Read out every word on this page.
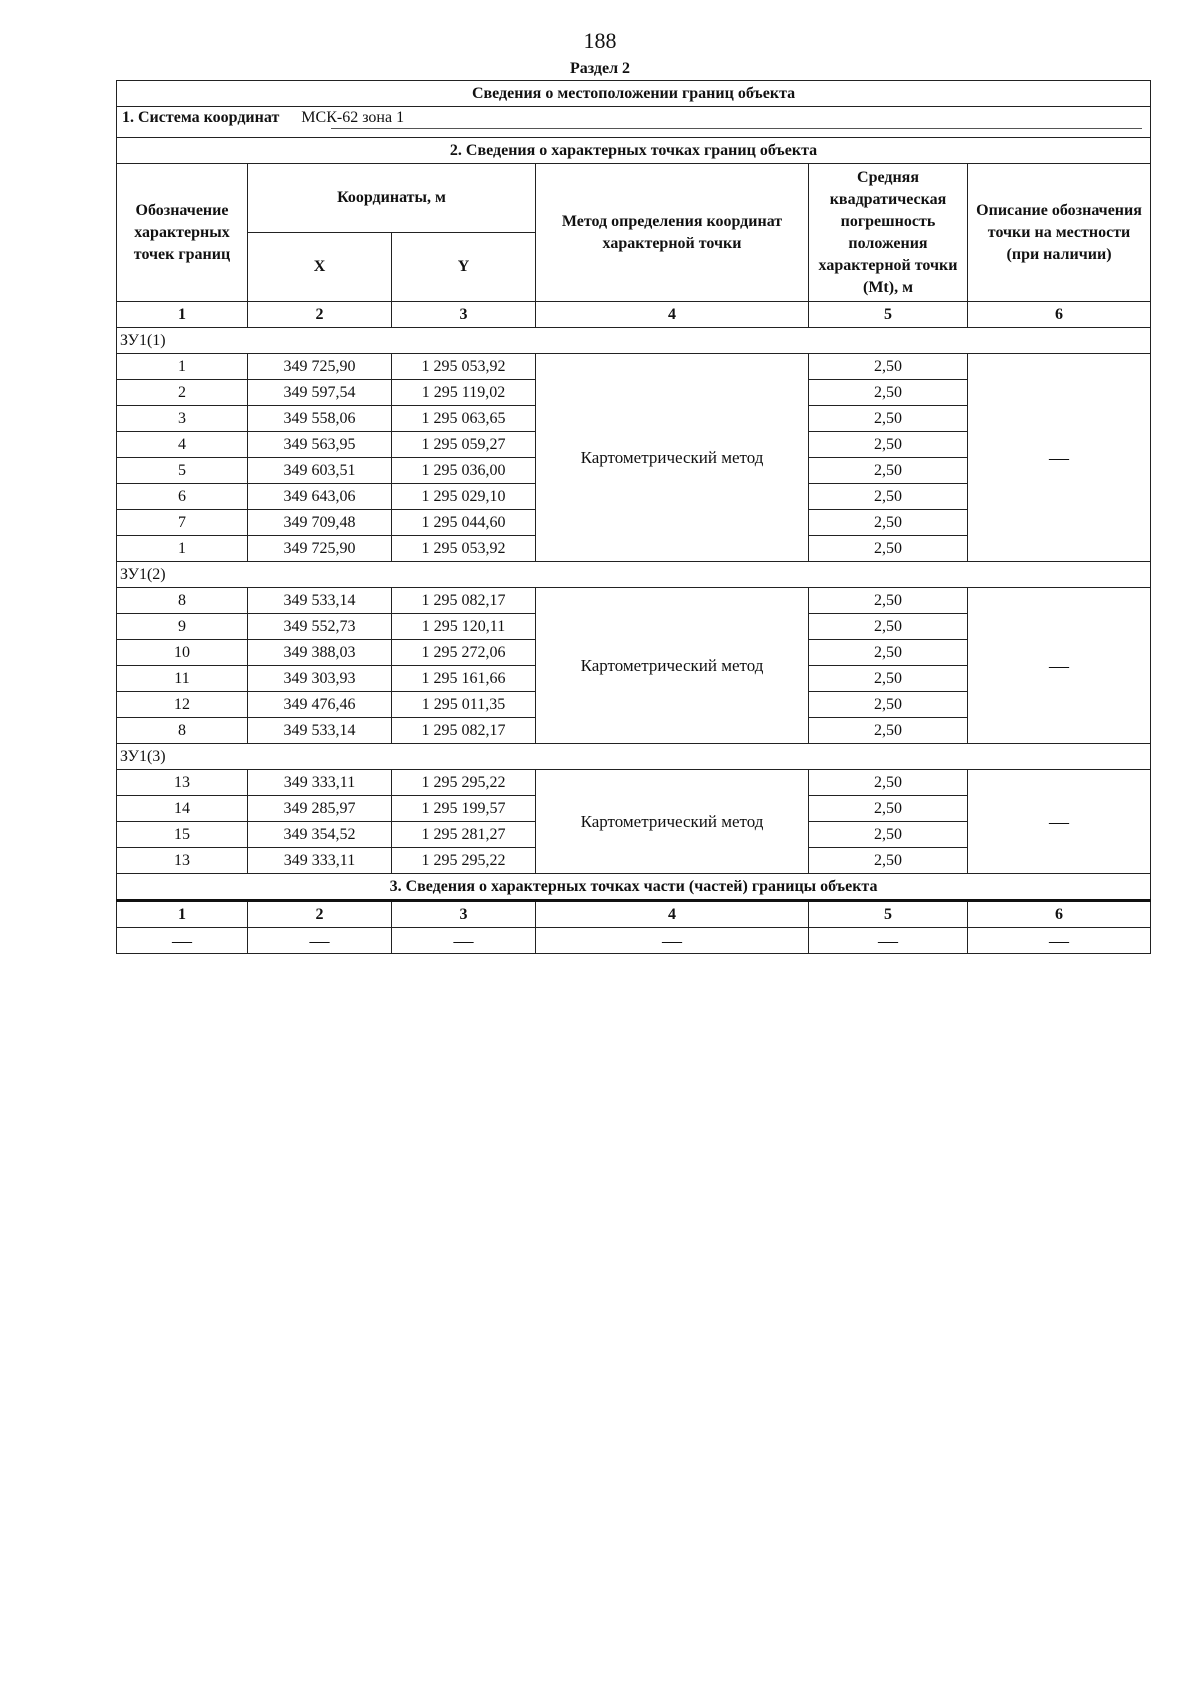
188
Раздел 2
Сведения о местоположении границ объекта					

1. Система координат МСК-62 зона 1					

2. Сведения о характерных точках границ объекта					
Обозначение характерных точек границ	Координаты, м		Метод определения координат характерной точки	Средняя квадратическая погрешность положения характерной точки (Mt), м	Описание обозначения точки на местности (при наличии)
	X	Y			
1	2	3	4	5	6
ЗУ1(1)					
1	349 725,90	1 295 053,92	Картометрический метод	2,50	—
2	349 597,54	1 295 119,02		2,50	
3	349 558,06	1 295 063,65		2,50	
4	349 563,95	1 295 059,27		2,50	
5	349 603,51	1 295 036,00		2,50	
6	349 643,06	1 295 029,10		2,50	
7	349 709,48	1 295 044,60		2,50	
1	349 725,90	1 295 053,92		2,50	
ЗУ1(2)					
8	349 533,14	1 295 082,17	Картометрический метод	2,50	—
9	349 552,73	1 295 120,11		2,50	
10	349 388,03	1 295 272,06		2,50	
11	349 303,93	1 295 161,66		2,50	
12	349 476,46	1 295 011,35		2,50	
8	349 533,14	1 295 082,17		2,50	
ЗУ1(3)					
13	349 333,11	1 295 295,22	Картометрический метод	2,50	—
14	349 285,97	1 295 199,57		2,50	
15	349 354,52	1 295 281,27		2,50	
13	349 333,11	1 295 295,22		2,50	
3. Сведения о характерных точках части (частей) границы объекта					
1	2	3	4	5	6
—	—	—	—	—	—
